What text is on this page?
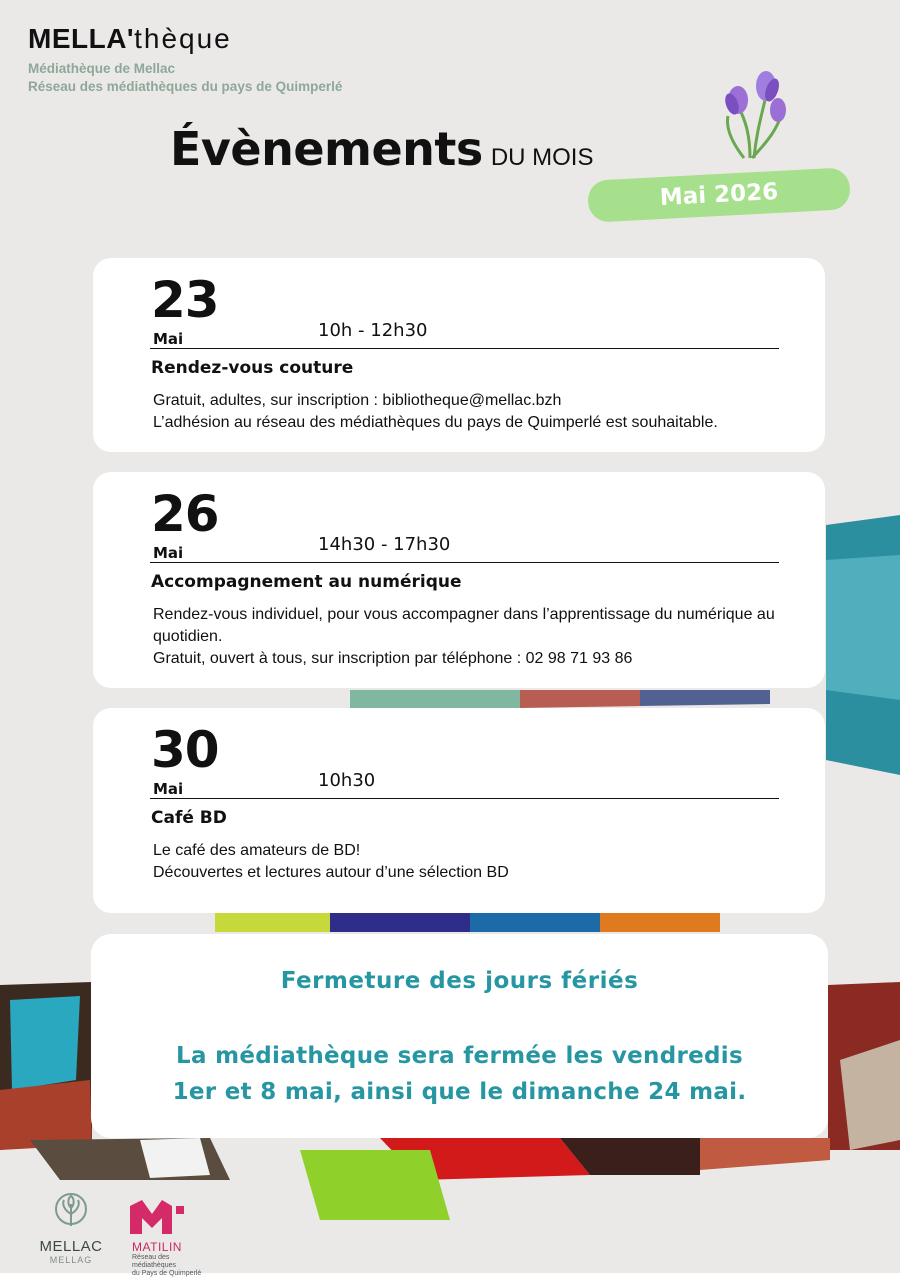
MELLA'thèque
Médiathèque de Mellac
Réseau des médiathèques du pays de Quimperlé
Évènements DU MOIS
Mai 2026
23
Mai	10h - 12h30
Rendez-vous couture
Gratuit, adultes, sur inscription : bibliotheque@mellac.bzh
L’adhésion au réseau des médiathèques du pays de Quimperlé est souhaitable.
26
Mai	14h30 - 17h30
Accompagnement au numérique
Rendez-vous individuel, pour vous accompagner dans l’apprentissage du numérique au quotidien.
Gratuit, ouvert à tous, sur inscription par téléphone : 02 98 71 93 86
30
Mai	10h30
Café BD
Le café des amateurs de BD!
Découvertes et lectures autour d’une sélection BD
Fermeture des jours fériés
La médiathèque sera fermée les vendredis
1er et 8 mai, ainsi que le dimanche 24 mai.
MELLAC
MELLAG
MATILIN
Réseau des médiathèques
du Pays de Quimperlé
